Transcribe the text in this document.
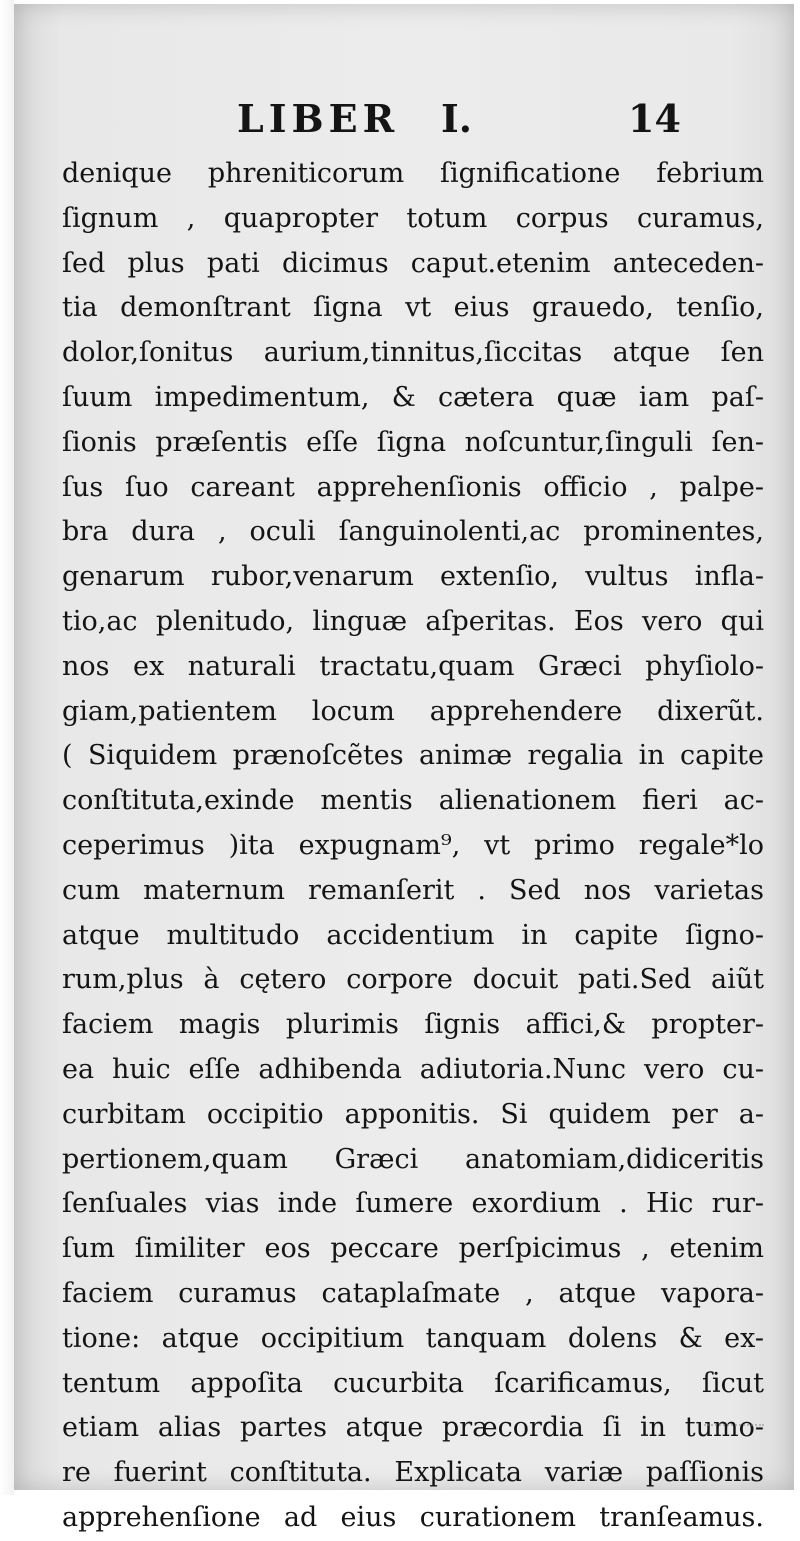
LIBER I.	14
denique phreniticorum ſignificatione febrium
ſignum , quapropter totum corpus curamus,
ſed plus pati dicimus caput.etenim anteceden-
tia demonſtrant ſigna vt eius grauedo, tenſio,
dolor,ſonitus aurium,tinnitus,ſiccitas atque ſen
ſuum impedimentum, & cætera quæ iam paſ-
ſionis præſentis eſſe ſigna noſcuntur,ſinguli ſen-
ſus ſuo careant apprehenſionis officio , palpe-
bra dura , oculi ſanguinolenti,ac prominentes,
genarum rubor,venarum extenſio, vultus infla-
tio,ac plenitudo, linguæ aſperitas. Eos vero qui
nos ex naturali tractatu,quam Græci phyſiolo-
giam,patientem locum apprehendere dixerũt.
( Siquidem prænoſcẽtes animæ regalia in capite
conſtituta,exinde mentis alienationem fieri ac-
ceperimus )ita expugnam⁹, vt primo regale*lo
cum maternum remanſerit . Sed nos varietas
atque multitudo accidentium in capite ſigno-
rum,plus à cętero corpore docuit pati.Sed aiũt
faciem magis plurimis ſignis affici,& propter-
ea huic eſſe adhibenda adiutoria.Nunc vero cu-
curbitam occipitio apponitis. Si quidem per a-
pertionem,quam Græci anatomiam,didiceritis
ſenſuales vias inde ſumere exordium . Hic rur-
ſum ſimiliter eos peccare perſpicimus , etenim
faciem curamus cataplaſmate , atque vapora-
tione: atque occipitium tanquam dolens & ex-
tentum appoſita cucurbita ſcarificamus, ſicut
etiam alias partes atque præcordia ſi in tumo-
re fuerint conſtituta. Explicata variæ paſſionis
apprehenſione ad eius curationem tranſeamus.
